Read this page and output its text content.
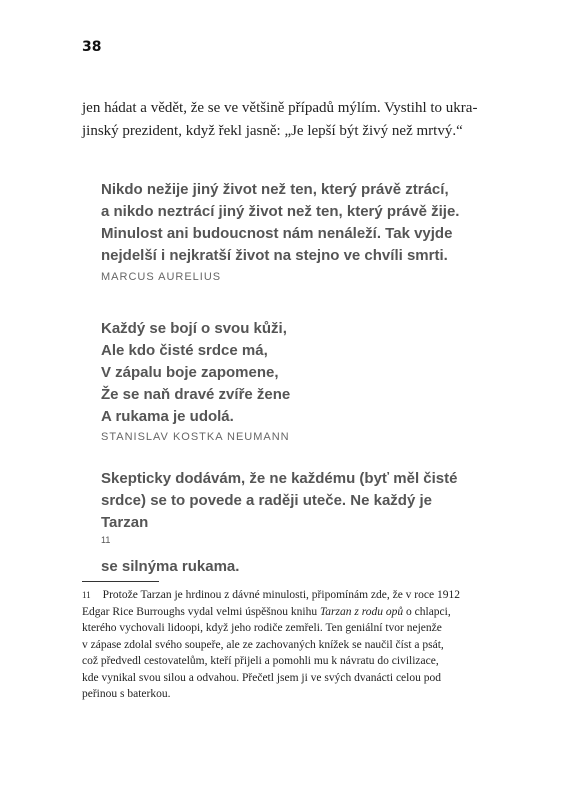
38

jen hádat a vědět, že se ve většině případů mýlím. Vystihl to ukra-
jinský prezident, když řekl jasně: „Je lepší být živý než mrtvý.“

Nikdo nežije jiný život než ten, který právě ztrácí,
a nikdo neztrácí jiný život než ten, který právě žije.
Minulost ani budoucnost nám nenáleží. Tak vyjde
nejdelší i nejkratší život na stejno ve chvíli smrti.

MARCUS AURELIUS

Každý se bojí o svou kůži,
Ale kdo čisté srdce má,
V zápalu boje zapomene,
Že se naň dravé zvíře žene
A rukama je udolá.

STANISLAV KOSTKA NEUMANN

Skepticky dodávám, že ne každému (byť měl čisté
srdce) se to povede a raději uteče. Ne každý je
Tarzan
$^{11}$
se silnýma rukama.

11 Protože Tarzan je hrdinou z dávné minulosti, připomínám zde, že v roce 1912
Edgar Rice Burroughs vydal velmi úspěšnou knihu Tarzan z rodu opů o chlapci,
kterého vychovali lidoopi, když jeho rodiče zemřeli. Ten geniální tvor nejenže
v zápase zdolal svého soupeře, ale ze zachovaných knížek se naučil číst a psát,
což předvedl cestovatelům, kteří přijeli a pomohli mu k návratu do civilizace,
kde vynikal svou silou a odvahou. Přečetl jsem ji ve svých dvanácti celou pod
peřinou s baterkou.
